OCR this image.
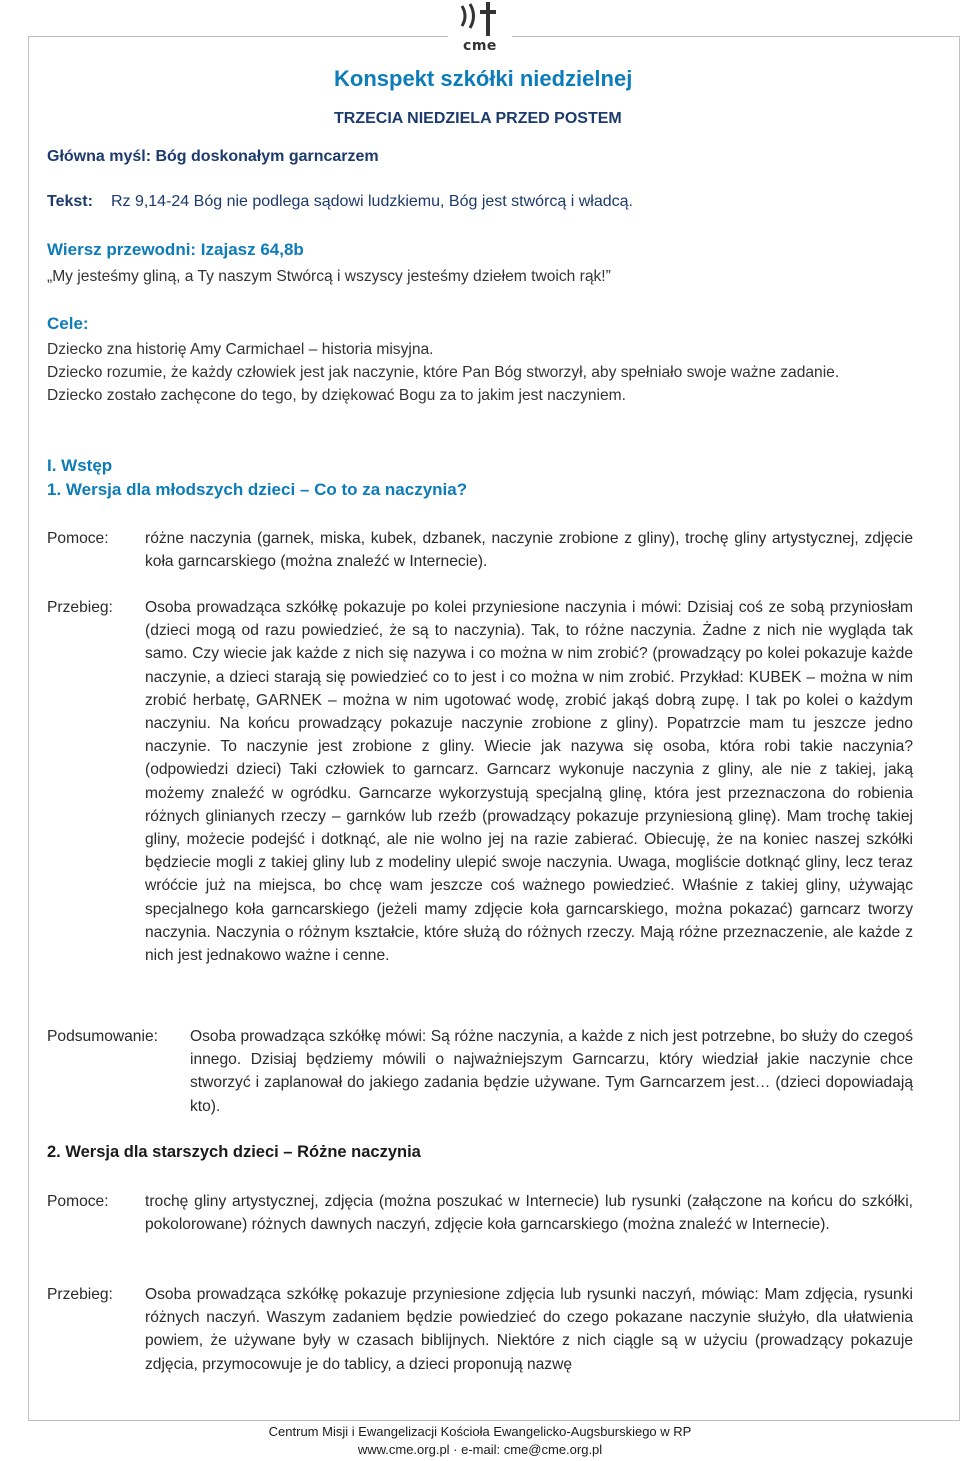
cme
Konspekt szkółki niedzielnej
TRZECIA NIEDZIELA PRZED POSTEM
Główna myśl: Bóg doskonałym garncarzem
Tekst: Rz 9,14-24 Bóg nie podlega sądowi ludzkiemu, Bóg jest stwórcą i władcą.
Wiersz przewodni: Izajasz 64,8b
„My jesteśmy gliną, a Ty naszym Stwórcą i wszyscy jesteśmy dziełem twoich rąk!”
Cele:
Dziecko zna historię Amy Carmichael – historia misyjna.
Dziecko rozumie, że każdy człowiek jest jak naczynie, które Pan Bóg stworzył, aby spełniało swoje ważne zadanie.
Dziecko zostało zachęcone do tego, by dziękować Bogu za to jakim jest naczyniem.
I. Wstęp
1. Wersja dla młodszych dzieci – Co to za naczynia?
Pomoce: różne naczynia (garnek, miska, kubek, dzbanek, naczynie zrobione z gliny), trochę gliny artystycznej, zdjęcie koła garncarskiego (można znaleźć w Internecie).
Przebieg: Osoba prowadząca szkółkę pokazuje po kolei przyniesione naczynia i mówi: Dzisiaj coś ze sobą przyniosłam (dzieci mogą od razu powiedzieć, że są to naczynia). Tak, to różne naczynia. Żadne z nich nie wygląda tak samo. Czy wiecie jak każde z nich się nazywa i co można w nim zrobić? (prowadzący po kolei pokazuje każde naczynie, a dzieci starają się powiedzieć co to jest i co można w nim zrobić. Przykład: KUBEK – można w nim zrobić herbatę, GARNEK – można w nim ugotować wodę, zrobić jakąś dobrą zupę. I tak po kolei o każdym naczyniu. Na końcu prowadzący pokazuje naczynie zrobione z gliny). Popatrzcie mam tu jeszcze jedno naczynie. To naczynie jest zrobione z gliny. Wiecie jak nazywa się osoba, która robi takie naczynia? (odpowiedzi dzieci) Taki człowiek to garncarz. Garncarz wykonuje naczynia z gliny, ale nie z takiej, jaką możemy znaleźć w ogródku. Garncarze wykorzystują specjalną glinę, która jest przeznaczona do robienia różnych glinianych rzeczy – garnków lub rzeźb (prowadzący pokazuje przyniesioną glinę). Mam trochę takiej gliny, możecie podejść i dotknąć, ale nie wolno jej na razie zabierać. Obiecuję, że na koniec naszej szkółki będziecie mogli z takiej gliny lub z modeliny ulepić swoje naczynia. Uwaga, mogliście dotknąć gliny, lecz teraz wróćcie już na miejsca, bo chcę wam jeszcze coś ważnego powiedzieć. Właśnie z takiej gliny, używając specjalnego koła garncarskiego (jeżeli mamy zdjęcie koła garncarskiego, można pokazać) garncarz tworzy naczynia. Naczynia o różnym kształcie, które służą do różnych rzeczy. Mają różne przeznaczenie, ale każde z nich jest jednakowo ważne i cenne.
Podsumowanie: Osoba prowadząca szkółkę mówi: Są różne naczynia, a każde z nich jest potrzebne, bo służy do czegoś innego. Dzisiaj będziemy mówili o najważniejszym Garncarzu, który wiedział jakie naczynie chce stworzyć i zaplanował do jakiego zadania będzie używane. Tym Garncarzem jest… (dzieci dopowiadają kto).
2. Wersja dla starszych dzieci – Różne naczynia
Pomoce: trochę gliny artystycznej, zdjęcia (można poszukać w Internecie) lub rysunki (załączone na końcu do szkółki, pokolorowane) różnych dawnych naczyń, zdjęcie koła garncarskiego (można znaleźć w Internecie).
Przebieg: Osoba prowadząca szkółkę pokazuje przyniesione zdjęcia lub rysunki naczyń, mówiąc: Mam zdjęcia, rysunki różnych naczyń. Waszym zadaniem będzie powiedzieć do czego pokazane naczynie służyło, dla ułatwienia powiem, że używane były w czasach biblijnych. Niektóre z nich ciągle są w użyciu (prowadzący pokazuje zdjęcia, przymocowuje je do tablicy, a dzieci proponują nazwę
Centrum Misji i Ewangelizacji Kościoła Ewangelicko-Augsburskiego w RP
www.cme.org.pl · e-mail: cme@cme.org.pl
